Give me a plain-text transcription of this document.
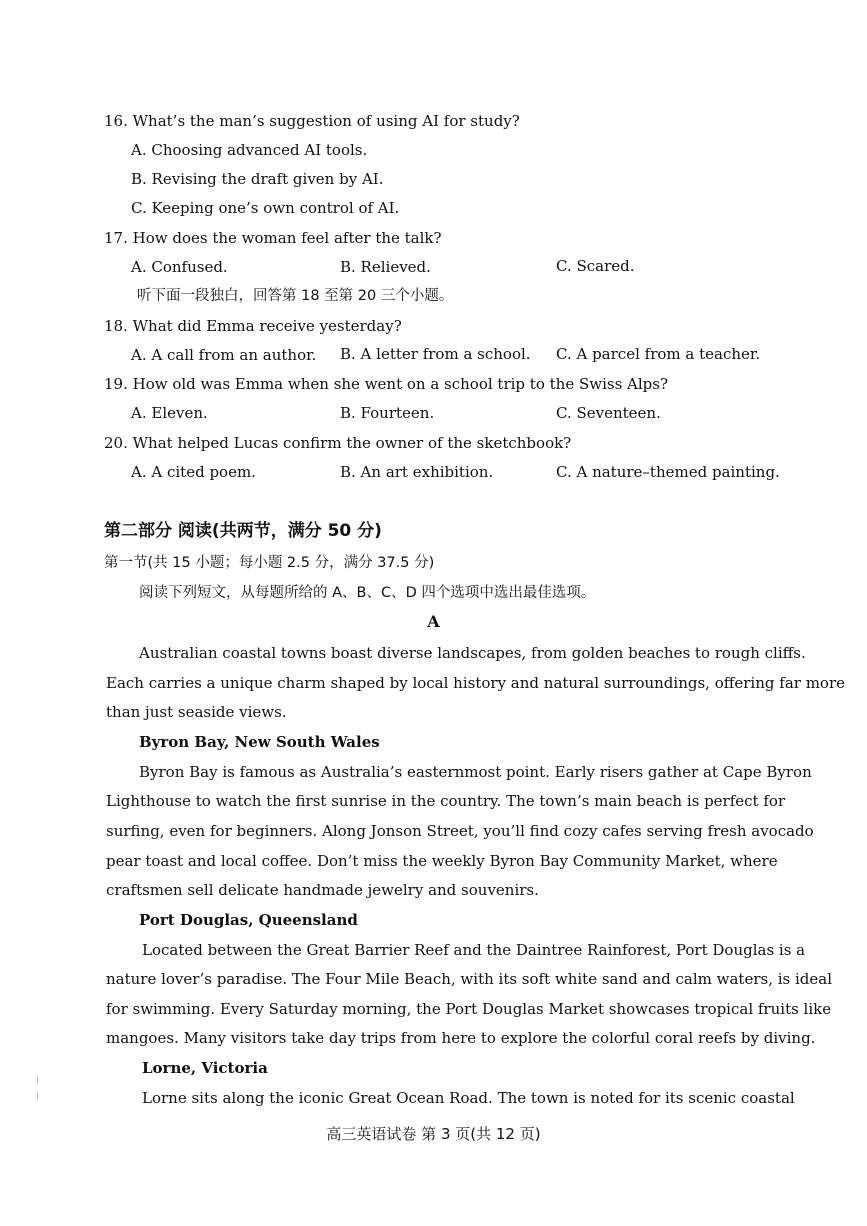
16. What’s the man’s suggestion of using AI for study?
A. Choosing advanced AI tools.
B. Revising the draft given by AI.
C. Keeping one’s own control of AI.
17. How does the woman feel after the talk?
A. Confused.	B. Relieved.	C. Scared.
听下面一段独白，回答第 18 至第 20 三个小题。
18. What did Emma receive yesterday?
A. A call from an author. B. A letter from a school. C. A parcel from a teacher.
19. How old was Emma when she went on a school trip to the Swiss Alps?
A. Eleven.	B. Fourteen.	C. Seventeen.
20. What helped Lucas confirm the owner of the sketchbook?
A. A cited poem.	B. An art exhibition.	C. A nature–themed painting.
第二部分 阅读(共两节，满分 50 分)
第一节(共 15 小题；每小题 2.5 分，满分 37.5 分)
阅读下列短文，从每题所给的 A、B、C、D 四个选项中选出最佳选项。
A
Australian coastal towns boast diverse landscapes, from golden beaches to rough cliffs.
Each carries a unique charm shaped by local history and natural surroundings, offering far more
than just seaside views.
Byron Bay, New South Wales
Byron Bay is famous as Australia’s easternmost point. Early risers gather at Cape Byron
Lighthouse to watch the first sunrise in the country. The town’s main beach is perfect for
surfing, even for beginners. Along Jonson Street, you’ll find cozy cafes serving fresh avocado
pear toast and local coffee. Don’t miss the weekly Byron Bay Community Market, where
craftsmen sell delicate handmade jewelry and souvenirs.
Port Douglas, Queensland
Located between the Great Barrier Reef and the Daintree Rainforest, Port Douglas is a
nature lover’s paradise. The Four Mile Beach, with its soft white sand and calm waters, is ideal
for swimming. Every Saturday morning, the Port Douglas Market showcases tropical fruits like
mangoes. Many visitors take day trips from here to explore the colorful coral reefs by diving.
Lorne, Victoria
Lorne sits along the iconic Great Ocean Road. The town is noted for its scenic coastal
高三英语试卷 第 3 页(共 12 页)
